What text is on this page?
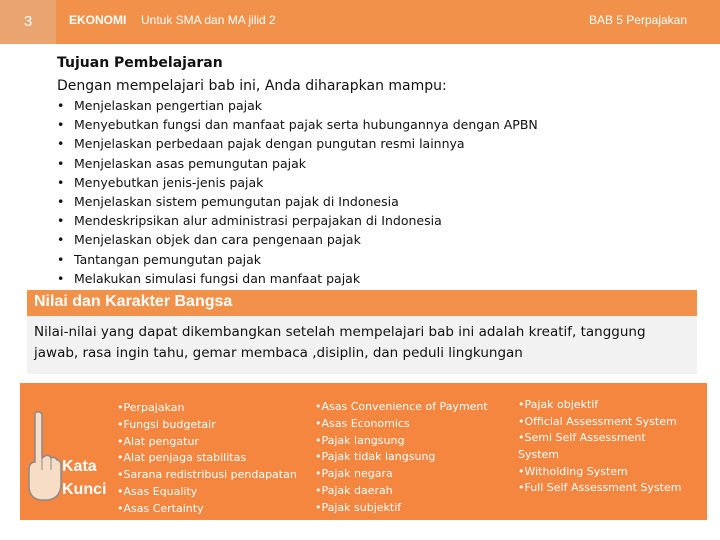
3	EKONOMI Untuk SMA dan MA jilid 2	BAB 5 Perpajakan
Tujuan Pembelajaran
Dengan mempelajari bab ini, Anda diharapkan mampu:
• Menjelaskan pengertian pajak
• Menyebutkan fungsi dan manfaat pajak serta hubungannya dengan APBN
• Menjelaskan perbedaan pajak dengan pungutan resmi lainnya
• Menjelaskan asas pemungutan pajak
• Menyebutkan jenis-jenis pajak
• Menjelaskan sistem pemungutan pajak di Indonesia
• Mendeskripsikan alur administrasi perpajakan di Indonesia
• Menjelaskan objek dan cara pengenaan pajak
• Tantangan pemungutan pajak
• Melakukan simulasi fungsi dan manfaat pajak
Nilai dan Karakter Bangsa
Nilai-nilai yang dapat dikembangkan setelah mempelajari bab ini adalah kreatif, tanggung jawab, rasa ingin tahu, gemar membaca ,disiplin, dan peduli lingkungan
Kata
Kunci
•Perpajakan
•Fungsi budgetair
•Alat pengatur
•Alat penjaga stabilitas
•Sarana redistribusi pendapatan
•Asas Equality
•Asas Certainty
•Asas Convenience of Payment
•Asas Economics
•Pajak langsung
•Pajak tidak langsung
•Pajak negara
•Pajak daerah
•Pajak subjektif
•Pajak objektif
•Official Assessment System
•Semi Self Assessment
System
•Witholding System
•Full Self Assessment System
